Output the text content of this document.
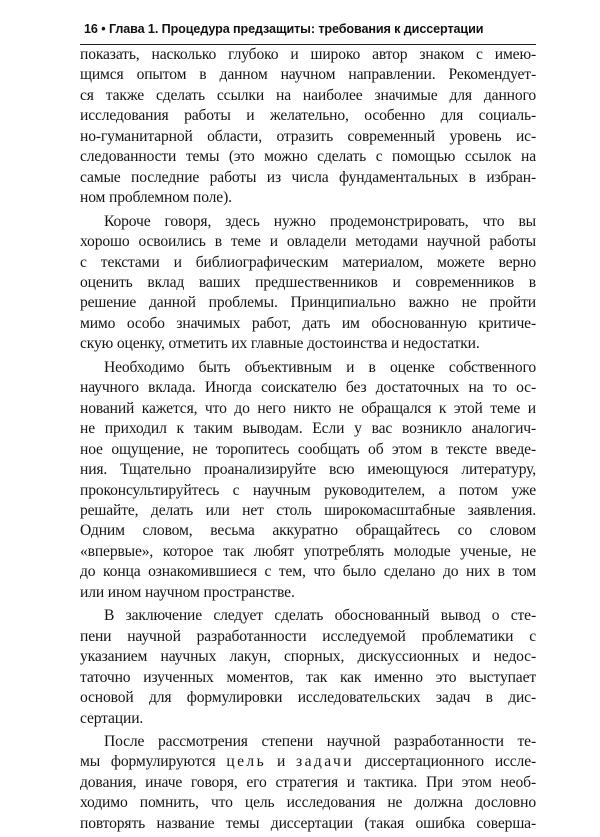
16 • Глава 1. Процедура предзащиты: требования к диссертации
показать, насколько глубоко и широко автор знаком с имею-
щимся опытом в данном научном направлении. Рекомендует-
ся также сделать ссылки на наиболее значимые для данного
исследования работы и желательно, особенно для социаль-
но-гуманитарной области, отразить современный уровень ис-
следованности темы (это можно сделать с помощью ссылок на
самые последние работы из числа фундаментальных в избран-
ном проблемном поле).
Короче говоря, здесь нужно продемонстрировать, что вы
хорошо освоились в теме и овладели методами научной работы
с текстами и библиографическим материалом, можете верно
оценить вклад ваших предшественников и современников в
решение данной проблемы. Принципиально важно не пройти
мимо особо значимых работ, дать им обоснованную критиче-
скую оценку, отметить их главные достоинства и недостатки.
Необходимо быть объективным и в оценке собственного
научного вклада. Иногда соискателю без достаточных на то ос-
нований кажется, что до него никто не обращался к этой теме и
не приходил к таким выводам. Если у вас возникло аналогич-
ное ощущение, не торопитесь сообщать об этом в тексте введе-
ния. Тщательно проанализируйте всю имеющуюся литературу,
проконсультируйтесь с научным руководителем, а потом уже
решайте, делать или нет столь широкомасштабные заявления.
Одним словом, весьма аккуратно обращайтесь со словом
«впервые», которое так любят употреблять молодые ученые, не
до конца ознакомившиеся с тем, что было сделано до них в том
или ином научном пространстве.
В заключение следует сделать обоснованный вывод о сте-
пени научной разработанности исследуемой проблематики с
указанием научных лакун, спорных, дискуссионных и недос-
таточно изученных моментов, так как именно это выступает
основой для формулировки исследовательских задач в дис-
сертации.
После рассмотрения степени научной разработанности те-
мы формулируются цель и задачи диссертационного иссле-
дования, иначе говоря, его стратегия и тактика. При этом необ-
ходимо помнить, что цель исследования не должна дословно
повторять название темы диссертации (такая ошибка соверша-
